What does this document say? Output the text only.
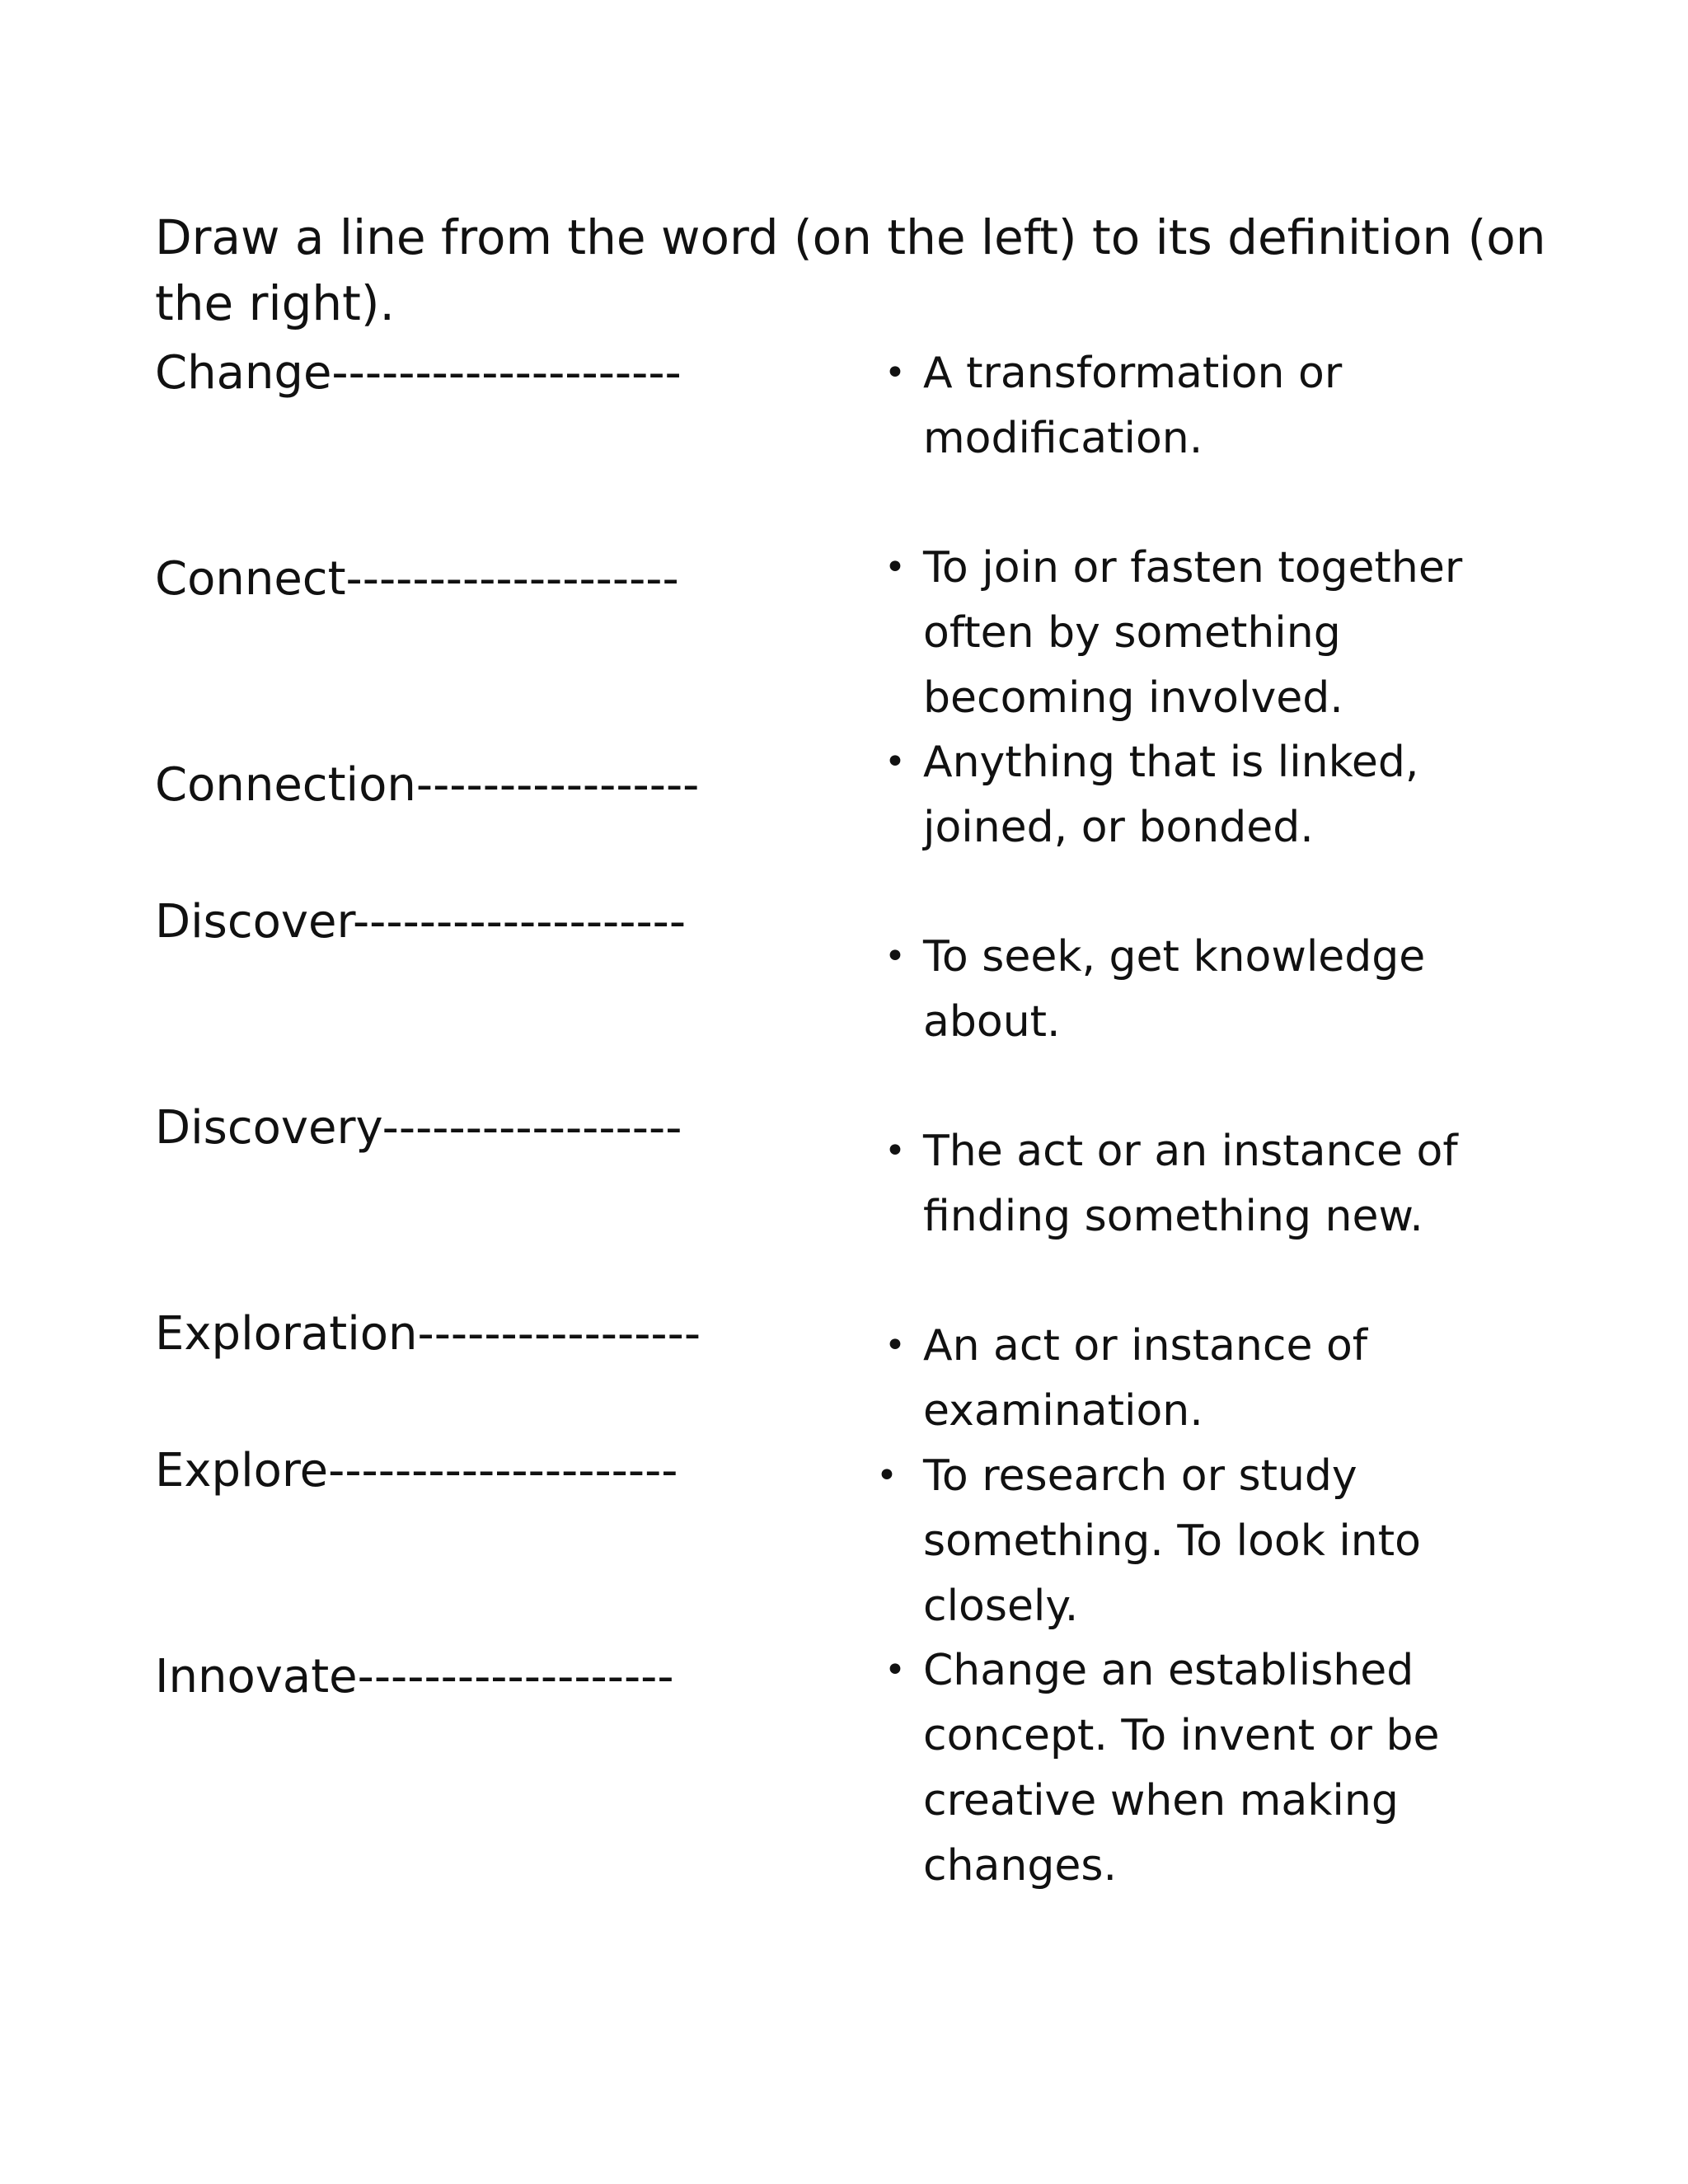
Draw a line from the word (on the left) to its definition (on the right).

Change---------------------
Connect--------------------
Connection-----------------
Discover--------------------
Discovery------------------
Exploration-----------------
Explore---------------------
Innovate-------------------
• A transformation or modification.
• To join or fasten together often by something becoming involved.
• Anything that is linked, joined, or bonded.
• To seek, get knowledge about.
• The act or an instance of finding something new.
• An act or instance of examination.
• To research or study something. To look into closely.
• Change an established concept. To invent or be creative when making changes.
